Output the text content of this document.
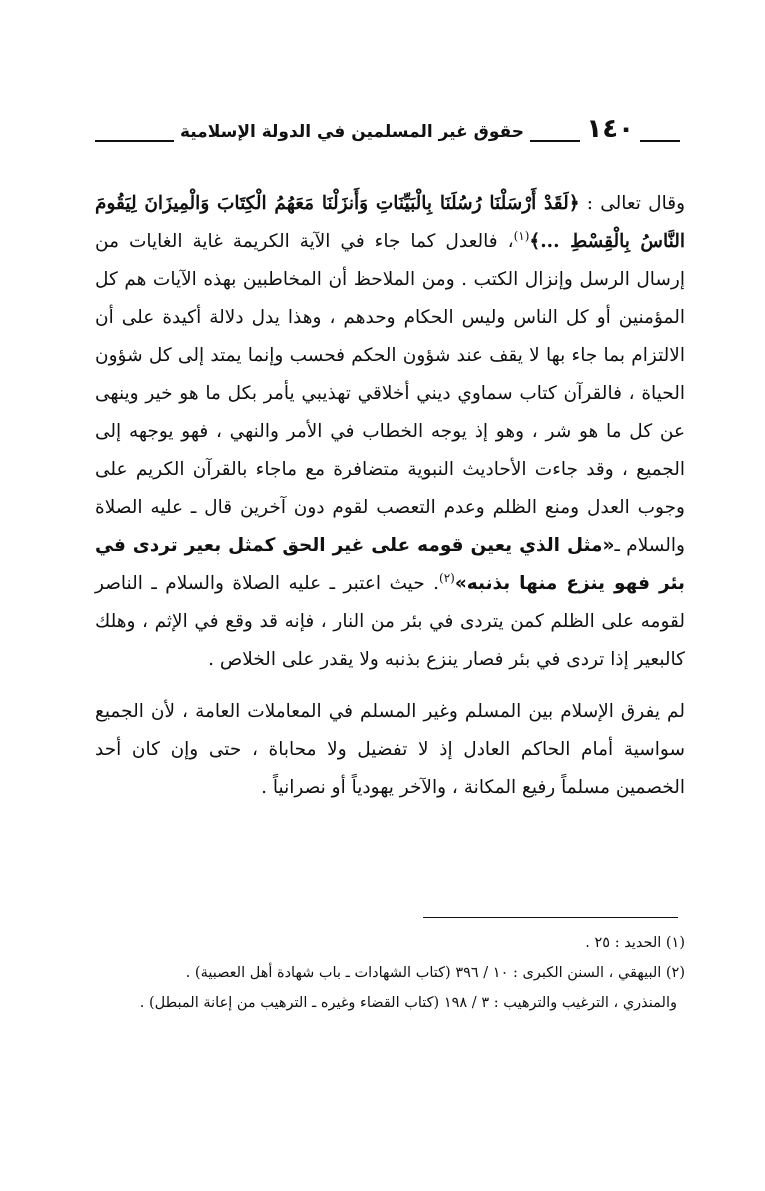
١٤٠
حقوق غير المسلمين في الدولة الإسلامية

وقال تعالى : ﴿لَقَدْ أَرْسَلْنَا رُسُلَنَا بِالْبَيِّنَاتِ وَأَنزَلْنَا مَعَهُمُ الْكِتَابَ وَالْمِيزَانَ لِيَقُومَ النَّاسُ بِالْقِسْطِ ...﴾$^{(١)}$، فالعدل كما جاء في الآية الكريمة غاية الغايات من إرسال الرسل وإنزال الكتب . ومن الملاحظ أن المخاطبين بهذه الآيات هم كل المؤمنين أو كل الناس وليس الحكام وحدهم ، وهذا يدل دلالة أكيدة على أن الالتزام بما جاء بها لا يقف عند شؤون الحكم فحسب وإنما يمتد إلى كل شؤون الحياة ، فالقرآن كتاب سماوي ديني أخلاقي تهذيبي يأمر بكل ما هو خير وينهى عن كل ما هو شر ، وهو إذ يوجه الخطاب في الأمر والنهي ، فهو يوجهه إلى الجميع ، وقد جاءت الأحاديث النبوية متضافرة مع ماجاء بالقرآن الكريم على وجوب العدل ومنع الظلم وعدم التعصب لقوم دون آخرين قال ـ عليه الصلاة والسلام ـ«مثل الذي يعين قومه على غير الحق كمثل بعير تردى في بئر فهو ينزع منها بذنبه»$^{(٢)}$. حيث اعتبر ـ عليه الصلاة والسلام ـ الناصر لقومه على الظلم كمن يتردى في بئر من النار ، فإنه قد وقع في الإثم ، وهلك كالبعير إذا تردى في بئر فصار ينزع بذنبه ولا يقدر على الخلاص .

لم يفرق الإسلام بين المسلم وغير المسلم في المعاملات العامة ، لأن الجميع سواسية أمام الحاكم العادل إذ لا تفضيل ولا محاباة ، حتى وإن كان أحد الخصمين مسلماً رفيع المكانة ، والآخر يهودياً أو نصرانياً .

(١) الحديد : ٢٥ .

(٢) البيهقي ، السنن الكبرى : ١٠ / ٣٩٦ (كتاب الشهادات ـ باب شهادة أهل العصبية) .

والمنذري ، الترغيب والترهيب : ٣ / ١٩٨ (كتاب القضاء وغيره ـ الترهيب من إعانة المبطل) .
